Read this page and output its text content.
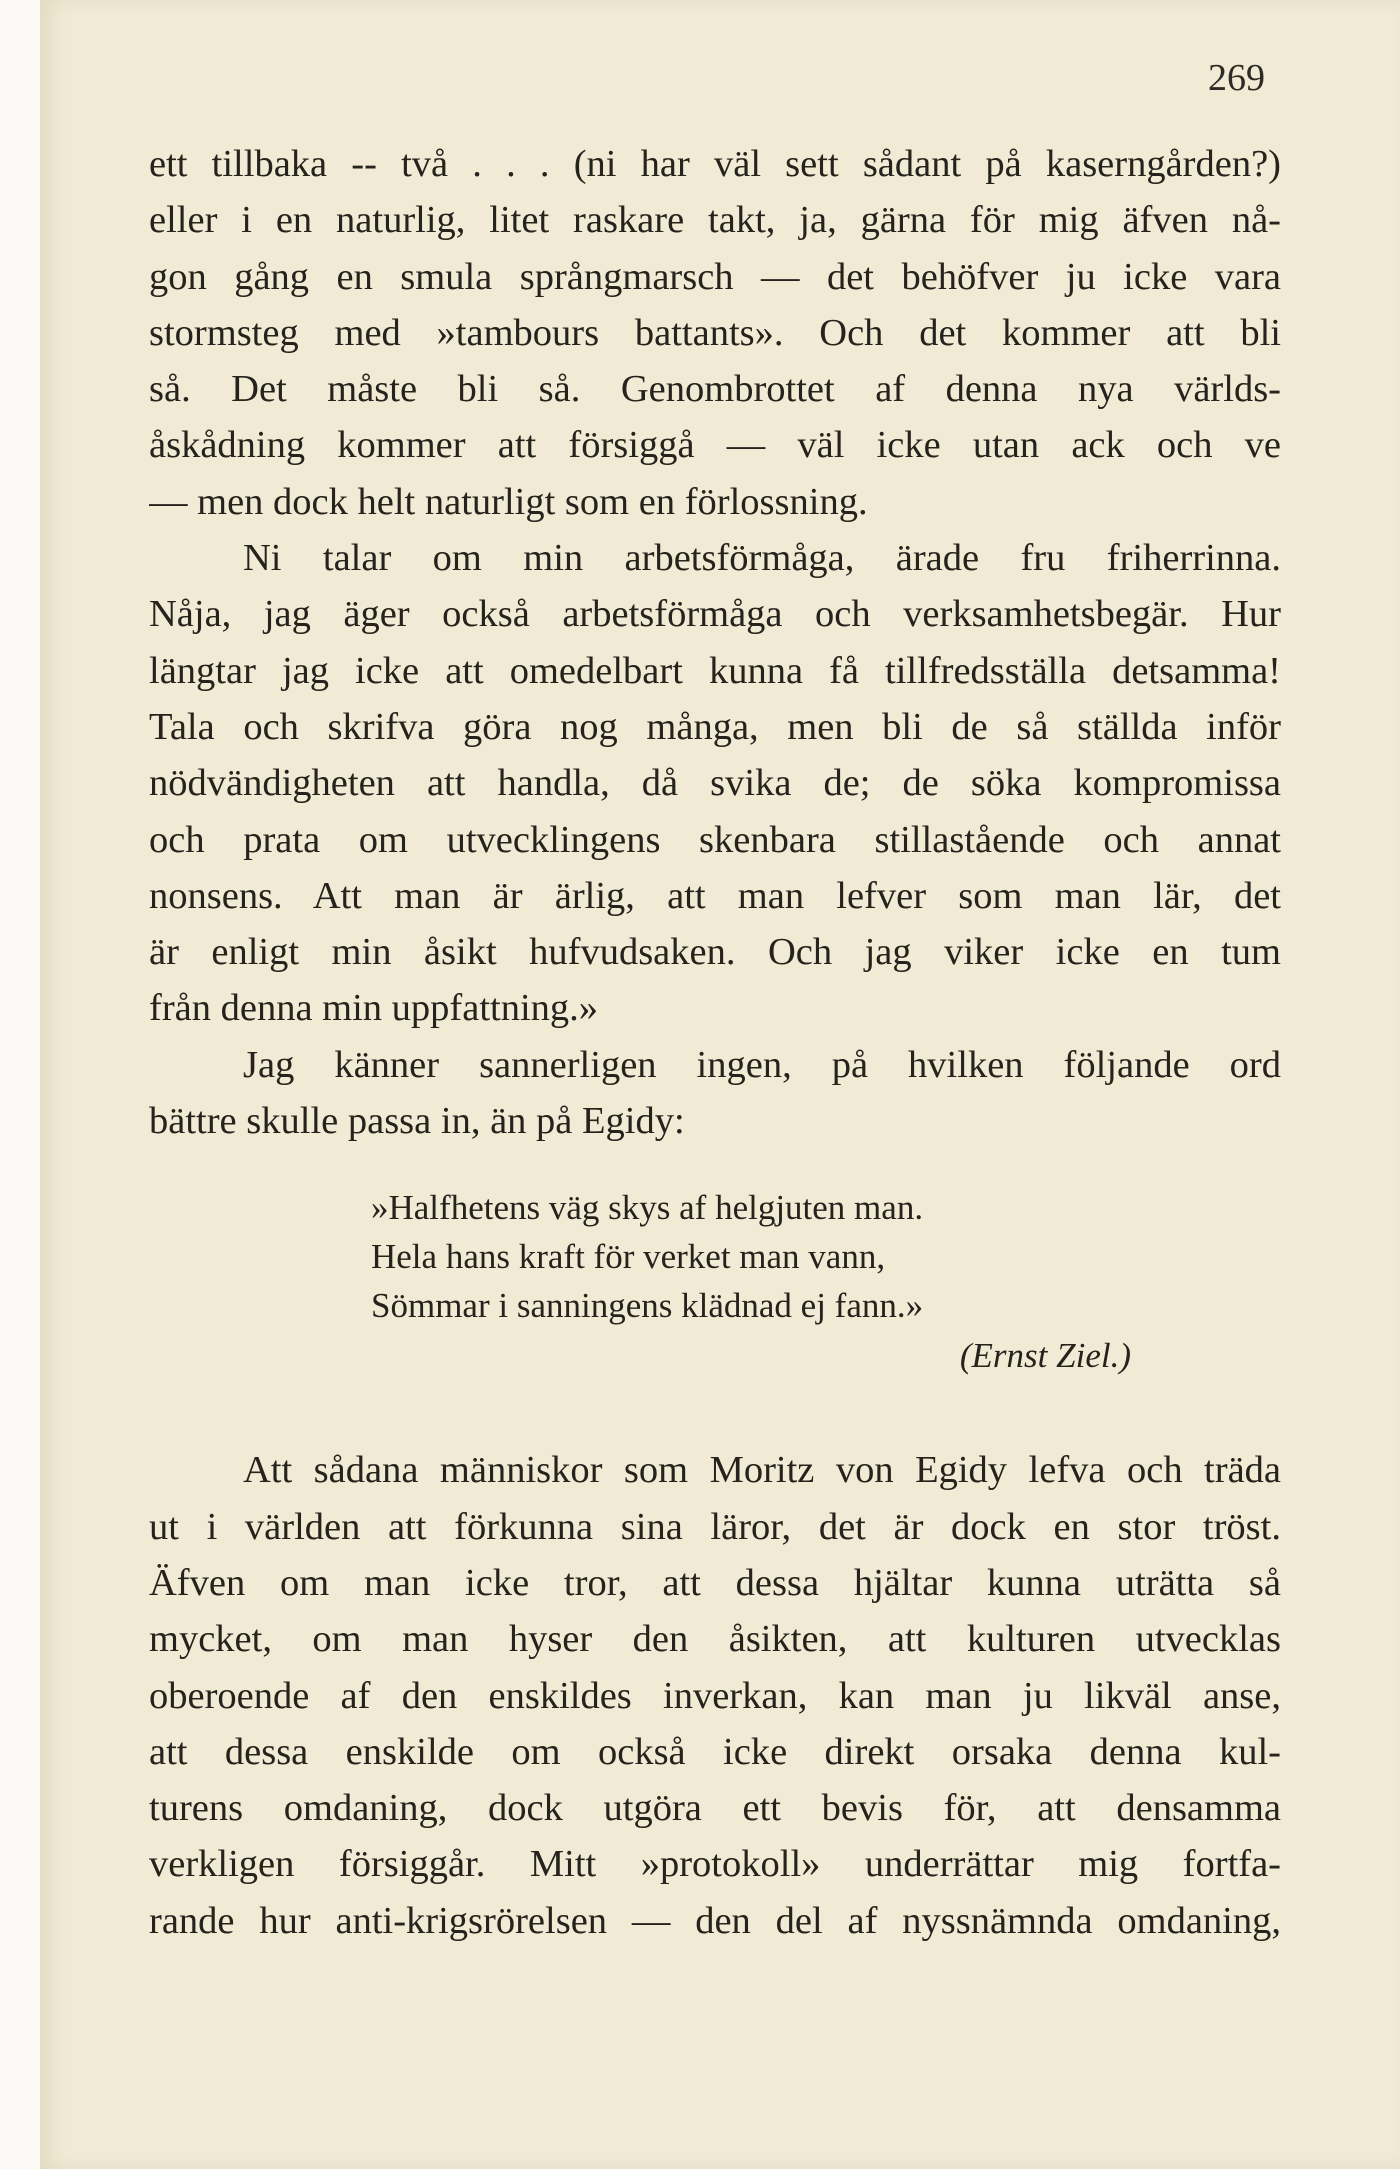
269
ett tillbaka -- två . . . (ni har väl sett sådant på kaserngården?)
eller i en naturlig, litet raskare takt, ja, gärna för mig äfven nå-
gon gång en smula språngmarsch — det behöfver ju icke vara
stormsteg med »tambours battants». Och det kommer att bli
så. Det måste bli så. Genombrottet af denna nya världs-
åskådning kommer att försiggå — väl icke utan ack och ve
— men dock helt naturligt som en förlossning.
Ni talar om min arbetsförmåga, ärade fru friherrinna.
Nåja, jag äger också arbetsförmåga och verksamhetsbegär. Hur
längtar jag icke att omedelbart kunna få tillfredsställa detsamma!
Tala och skrifva göra nog många, men bli de så ställda inför
nödvändigheten att handla, då svika de; de söka kompromissa
och prata om utvecklingens skenbara stillastående och annat
nonsens. Att man är ärlig, att man lefver som man lär, det
är enligt min åsikt hufvudsaken. Och jag viker icke en tum
från denna min uppfattning.»
Jag känner sannerligen ingen, på hvilken följande ord
bättre skulle passa in, än på Egidy:
»Halfhetens väg skys af helgjuten man.
Hela hans kraft för verket man vann,
Sömmar i sanningens klädnad ej fann.»
(Ernst Ziel.)
Att sådana människor som Moritz von Egidy lefva och träda
ut i världen att förkunna sina läror, det är dock en stor tröst.
Äfven om man icke tror, att dessa hjältar kunna uträtta så
mycket, om man hyser den åsikten, att kulturen utvecklas
oberoende af den enskildes inverkan, kan man ju likväl anse,
att dessa enskilde om också icke direkt orsaka denna kul-
turens omdaning, dock utgöra ett bevis för, att densamma
verkligen försiggår. Mitt »protokoll» underrättar mig fortfa-
rande hur anti-krigsrörelsen — den del af nyssnämnda omdaning,
